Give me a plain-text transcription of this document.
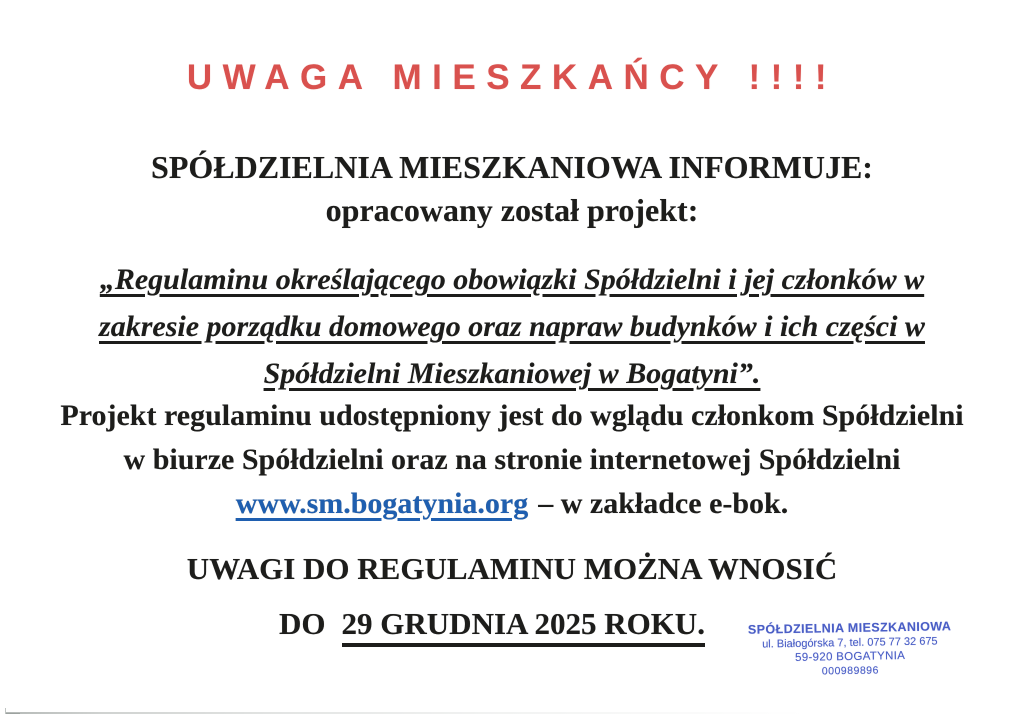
UWAGA MIESZKAŃCY !!!!
SPÓŁDZIELNIA MIESZKANIOWA INFORMUJE:
opracowany został projekt:
„Regulaminu określającego obowiązki Spółdzielni i jej członków w
zakresie porządku domowego oraz napraw budynków i ich części w
Spółdzielni Mieszkaniowej w Bogatyni”.
Projekt regulaminu udostępniony jest do wglądu członkom Spółdzielni
w biurze Spółdzielni oraz na stronie internetowej Spółdzielni
www.sm.bogatynia.org – w zakładce e-bok.
UWAGI DO REGULAMINU MOŻNA WNOSIĆ
DO 29 GRUDNIA 2025 ROKU.	SPÓŁDZIELNIA MIESZKANIOWA
ul. Białogórska 7, tel. 075 77 32 675
59-920 BOGATYNIA
000989896
